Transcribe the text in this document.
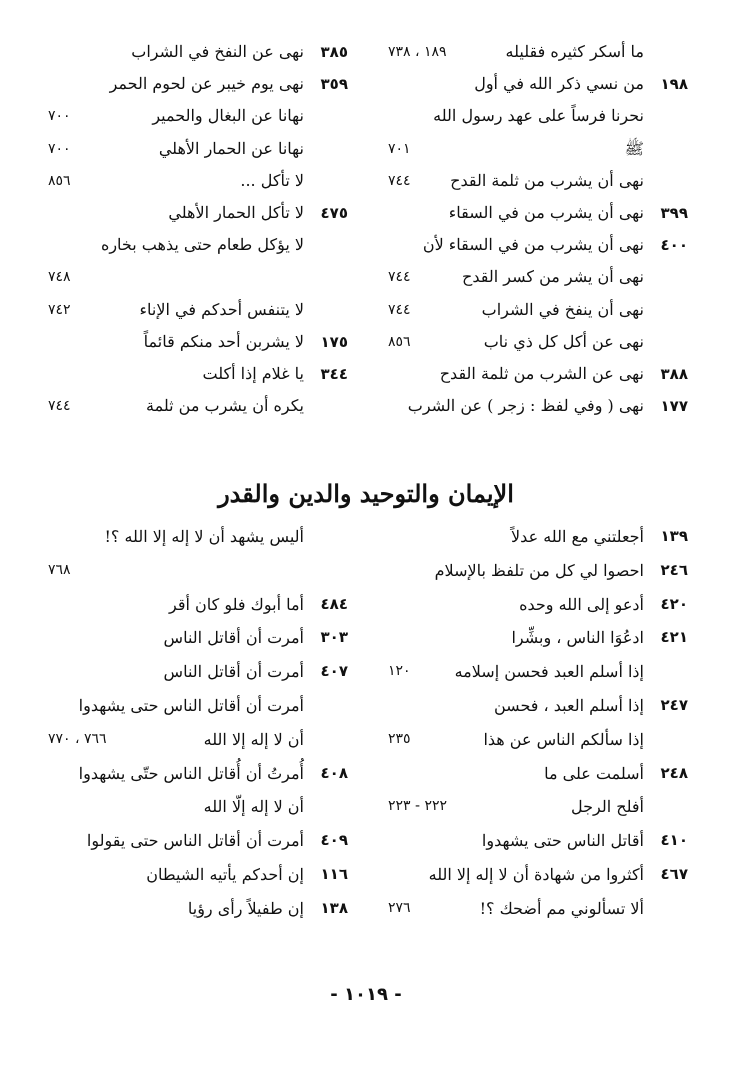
ما أسكر كثيره فقليله
١٨٩ ، ٧٣٨
١٩٨
من نسي ذكر الله في أول
نحرنا فرساً على عهد رسول الله
ﷺ
٧٠١
نهى أن يشرب من ثلمة القدح
٧٤٤
٣٩٩
نهى أن يشرب من في السقاء
٤٠٠
نهى أن يشرب من في السقاء لأن
نهى أن يشر من كسر القدح
٧٤٤
نهى أن ينفخ في الشراب
٧٤٤
نهى عن أكل كل ذي ناب
٨٥٦
٣٨٨
نهى عن الشرب من ثلمة القدح
١٧٧
نهى ( وفي لفظ : زجر ) عن الشرب
٣٨٥
نهى عن النفخ في الشراب
٣٥٩
نهى يوم خيبر عن لحوم الحمر
نهانا عن البغال والحمير
٧٠٠
نهانا عن الحمار الأهلي
٧٠٠
لا تأكل ...
٨٥٦
٤٧٥
لا تأكل الحمار الأهلي
لا يؤكل طعام حتى يذهب بخاره
٧٤٨
لا يتنفس أحدكم في الإناء
٧٤٢
١٧٥
لا يشربن أحد منكم قائماً
٣٤٤
يا غلام إذا أكلت
يكره أن يشرب من ثلمة
٧٤٤
الإيمان والتوحيد والدين والقدر
١٣٩
أجعلتني مع الله عدلاً
٢٤٦
احصوا لي كل من تلفظ بالإسلام
٤٢٠
أدعو إلى الله وحده
٤٢١
ادعُوَا الناس ، وبشِّرا
إذا أسلم العبد فحسن إسلامه
١٢٠
٢٤٧
إذا أسلم العبد ، فحسن
إذا سألكم الناس عن هذا
٢٣٥
٢٤٨
أسلمت على ما
أفلح الرجل
٢٢٢ - ٢٢٣
٤١٠
أقاتل الناس حتى يشهدوا
٤٦٧
أكثروا من شهادة أن لا إله إلا الله
ألا تسألوني مم أضحك ؟!
٢٧٦
أليس يشهد أن لا إله إلا الله ؟!
٧٦٨
٤٨٤
أما أبوك فلو كان أقر
٣٠٣
أمرت أن أقاتل الناس
٤٠٧
أمرت أن أقاتل الناس
أمرت أن أقاتل الناس حتى يشهدوا
أن لا إله إلا الله
٧٦٦ ، ٧٧٠
٤٠٨
أُمرتُ أن أُقاتل الناس حتّى يشهدوا
أن لا إله إلّا الله
٤٠٩
أمرت أن أقاتل الناس حتى يقولوا
١١٦
إن أحدكم يأتيه الشيطان
١٣٨
إن طفيلاً رأى رؤيا
- ١٠١٩ -
